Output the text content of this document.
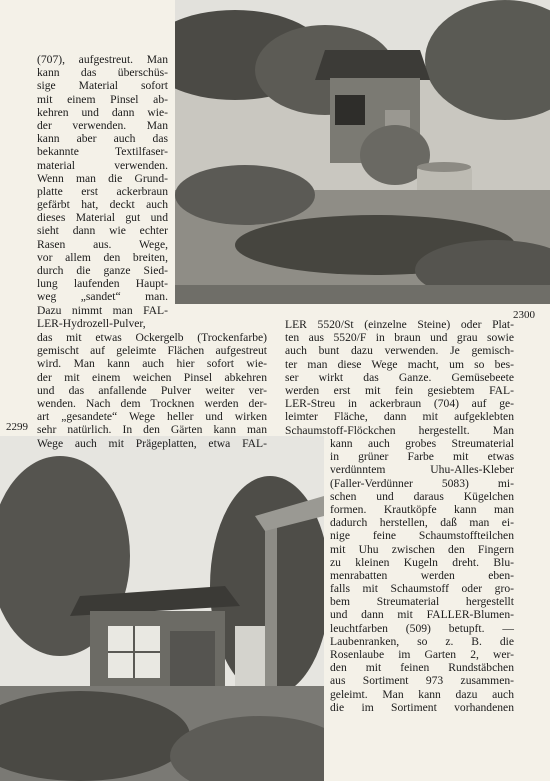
2300
2299
(707), aufgestreut. Man
kann das überschüs-
sige Material sofort
mit einem Pinsel ab-
kehren und dann wie-
der verwenden. Man
kann aber auch das
bekannte Textilfaser-
material verwenden.
Wenn man die Grund-
platte erst ackerbraun
gefärbt hat, deckt auch
dieses Material gut und
sieht dann wie echter
Rasen aus. Wege,
vor allem den breiten,
durch die ganze Sied-
lung laufenden Haupt-
weg „sandet“ man.
Dazu nimmt man FAL-
LER-Hydrozell-Pulver,
das mit etwas Ockergelb (Trockenfarbe)
gemischt auf geleimte Flächen aufgestreut
wird. Man kann auch hier sofort wie-
der mit einem weichen Pinsel abkehren
und das anfallende Pulver weiter ver-
wenden. Nach dem Trocknen werden der-
art „gesandete“ Wege heller und wirken
sehr natürlich. In den Gärten kann man
Wege auch mit Prägeplatten, etwa FAL-
LER 5520/St (einzelne Steine) oder Plat-
ten aus 5520/F in braun und grau sowie
auch bunt dazu verwenden. Je gemisch-
ter man diese Wege macht, um so bes-
ser wirkt das Ganze. Gemüsebeete
werden erst mit fein gesiebtem FAL-
LER-Streu in ackerbraun (704) auf ge-
leimter Fläche, dann mit aufgeklebten
Schaumstoff-Flöckchen hergestellt. Man
kann auch grobes Streumaterial
in grüner Farbe mit etwas
verdünntem Uhu-Alles-Kleber
(Faller-Verdünner 5083) mi-
schen und daraus Kügelchen
formen. Krautköpfe kann man
dadurch herstellen, daß man ei-
nige feine Schaumstoffteilchen
mit Uhu zwischen den Fingern
zu kleinen Kugeln dreht. Blu-
menrabatten werden eben-
falls mit Schaumstoff oder gro-
bem Streumaterial hergestellt
und dann mit FALLER-Blumen-
leuchtfarben (509) betupft. —
Laubenranken, so z. B. die
Rosenlaube im Garten 2, wer-
den mit feinen Rundstäbchen
aus Sortiment 973 zusammen-
geleimt. Man kann dazu auch
die im Sortiment vorhandenen
